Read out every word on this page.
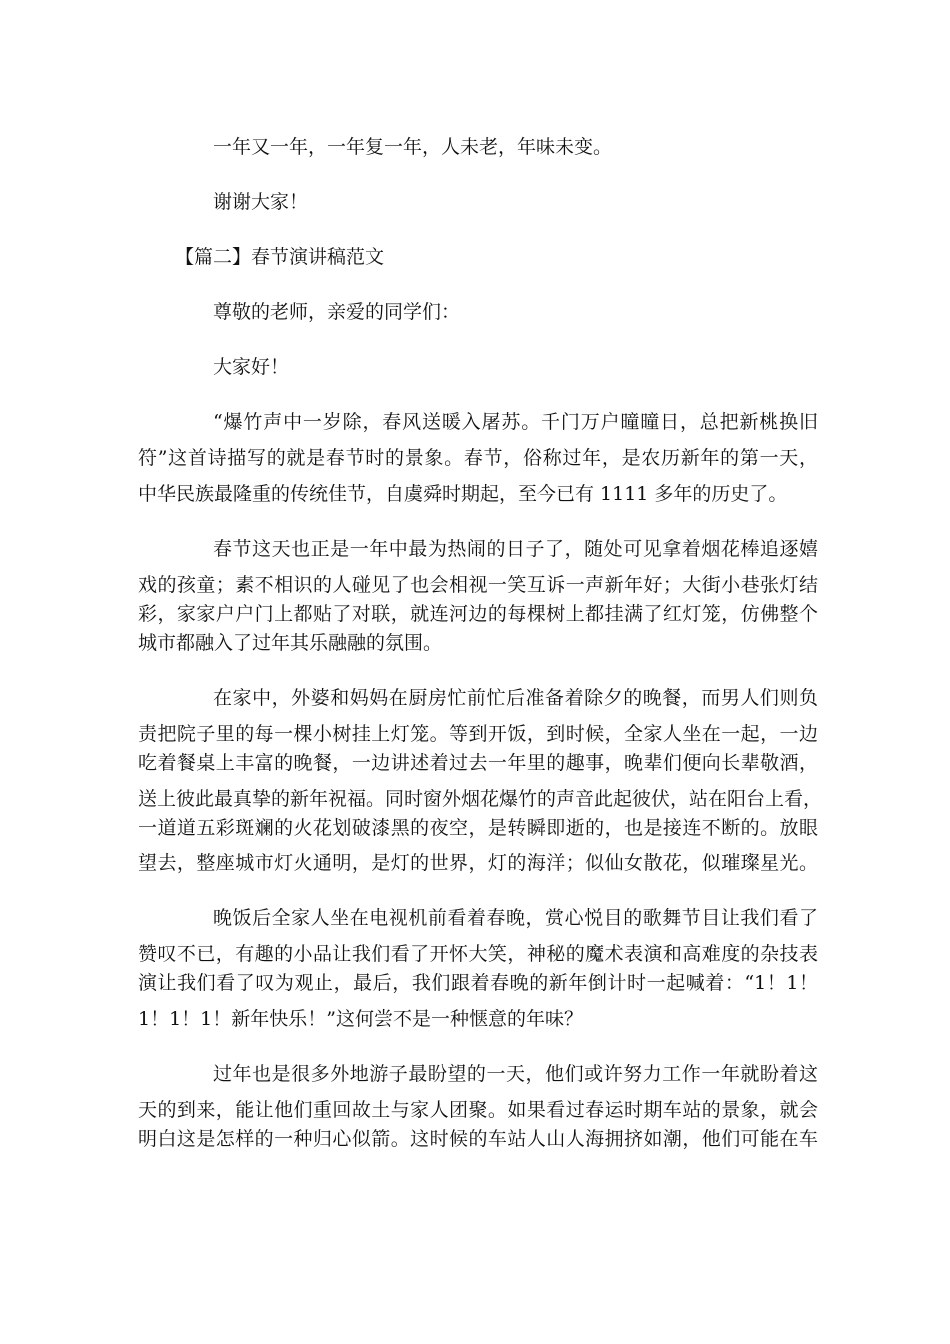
一年又一年，一年复一年，人未老，年味未变。
谢谢大家！
【篇二】春节演讲稿范文
尊敬的老师，亲爱的同学们：
大家好！
“爆竹声中一岁除，春风送暖入屠苏。千门万户曈曈日，总把新桃换旧
符”这首诗描写的就是春节时的景象。春节，俗称过年，是农历新年的第一天，
中华民族最隆重的传统佳节，自虞舜时期起，至今已有 1111 多年的历史了。
春节这天也正是一年中最为热闹的日子了，随处可见拿着烟花棒追逐嬉
戏的孩童；素不相识的人碰见了也会相视一笑互诉一声新年好；大街小巷张灯结
彩，家家户户门上都贴了对联，就连河边的每棵树上都挂满了红灯笼，仿佛整个
城市都融入了过年其乐融融的氛围。
在家中，外婆和妈妈在厨房忙前忙后准备着除夕的晚餐，而男人们则负
责把院子里的每一棵小树挂上灯笼。等到开饭，到时候，全家人坐在一起，一边
吃着餐桌上丰富的晚餐，一边讲述着过去一年里的趣事，晚辈们便向长辈敬酒，
送上彼此最真挚的新年祝福。同时窗外烟花爆竹的声音此起彼伏，站在阳台上看，
一道道五彩斑斓的火花划破漆黑的夜空，是转瞬即逝的，也是接连不断的。放眼
望去，整座城市灯火通明，是灯的世界，灯的海洋；似仙女散花，似璀璨星光。
晚饭后全家人坐在电视机前看着春晚，赏心悦目的歌舞节目让我们看了
赞叹不已，有趣的小品让我们看了开怀大笑，神秘的魔术表演和高难度的杂技表
演让我们看了叹为观止，最后，我们跟着春晚的新年倒计时一起喊着：“1！1！
1！1！1！新年快乐！”这何尝不是一种惬意的年味？
过年也是很多外地游子最盼望的一天，他们或许努力工作一年就盼着这
天的到来，能让他们重回故土与家人团聚。如果看过春运时期车站的景象，就会
明白这是怎样的一种归心似箭。这时候的车站人山人海拥挤如潮，他们可能在车
